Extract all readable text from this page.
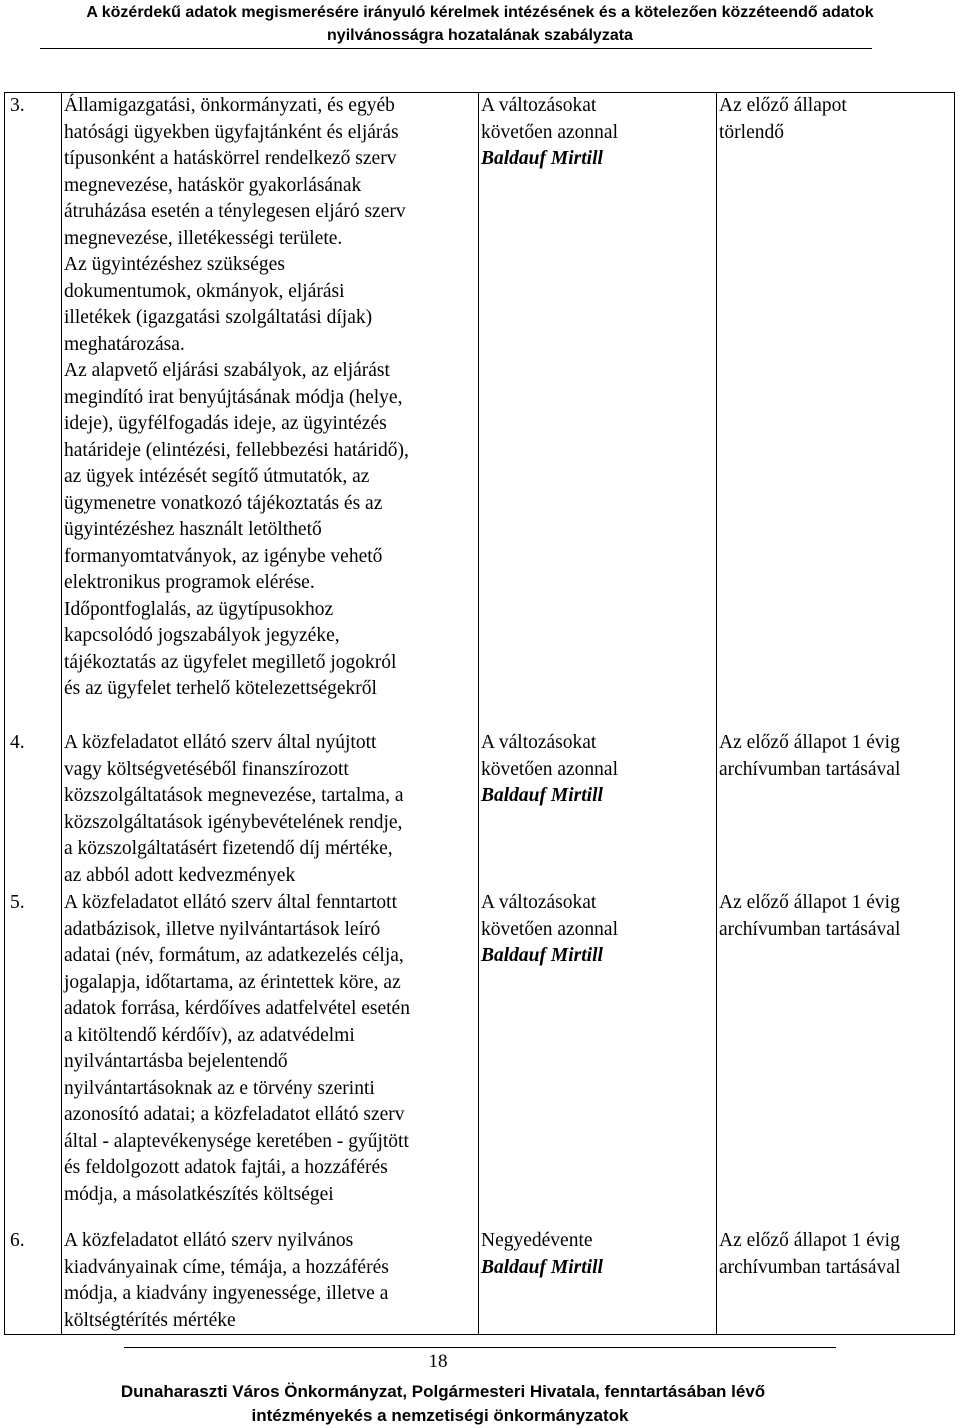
A közérdekű adatok megismerésére irányuló kérelmek intézésének és a kötelezően közzéteendő adatok
nyilvánosságra hozatalának szabályzata
3. Államigazgatási, önkormányzati, és egyéb
hatósági ügyekben ügyfajtánként és eljárás
típusonként a hatáskörrel rendelkező szerv
megnevezése, hatáskör gyakorlásának
átruházása esetén a ténylegesen eljáró szerv
megnevezése, illetékességi területe.
Az ügyintézéshez szükséges
dokumentumok, okmányok, eljárási
illetékek (igazgatási szolgáltatási díjak)
meghatározása.
Az alapvető eljárási szabályok, az eljárást
megindító irat benyújtásának módja (helye,
ideje), ügyfélfogadás ideje, az ügyintézés
határideje (elintézési, fellebbezési határidő),
az ügyek intézését segítő útmutatók, az
ügymenetre vonatkozó tájékoztatás és az
ügyintézéshez használt letölthető
formanyomtatványok, az igénybe vehető
elektronikus programok elérése.
Időpontfoglalás, az ügytípusokhoz
kapcsolódó jogszabályok jegyzéke,
tájékoztatás az ügyfelet megillető jogokról
és az ügyfelet terhelő kötelezettségekről
A változásokat
követően azonnal
Baldauf Mirtill
Az előző állapot
törlendő
4. A közfeladatot ellátó szerv által nyújtott
vagy költségvetéséből finanszírozott
közszolgáltatások megnevezése, tartalma, a
közszolgáltatások igénybevételének rendje,
a közszolgáltatásért fizetendő díj mértéke,
az abból adott kedvezmények
A változásokat
követően azonnal
Baldauf Mirtill
Az előző állapot 1 évig
archívumban tartásával
5. A közfeladatot ellátó szerv által fenntartott
adatbázisok, illetve nyilvántartások leíró
adatai (név, formátum, az adatkezelés célja,
jogalapja, időtartama, az érintettek köre, az
adatok forrása, kérdőíves adatfelvétel esetén
a kitöltendő kérdőív), az adatvédelmi
nyilvántartásba bejelentendő
nyilvántartásoknak az e törvény szerinti
azonosító adatai; a közfeladatot ellátó szerv
által - alaptevékenysége keretében - gyűjtött
és feldolgozott adatok fajtái, a hozzáférés
módja, a másolatkészítés költségei
A változásokat
követően azonnal
Baldauf Mirtill
Az előző állapot 1 évig
archívumban tartásával
6. A közfeladatot ellátó szerv nyilvános
kiadványainak címe, témája, a hozzáférés
módja, a kiadvány ingyenessége, illetve a
költségtérítés mértéke
Negyedévente
Baldauf Mirtill
Az előző állapot 1 évig
archívumban tartásával
18
Dunaharaszti Város Önkormányzat, Polgármesteri Hivatala, fenntartásában lévő
intézményekés a nemzetiségi önkormányzatok
